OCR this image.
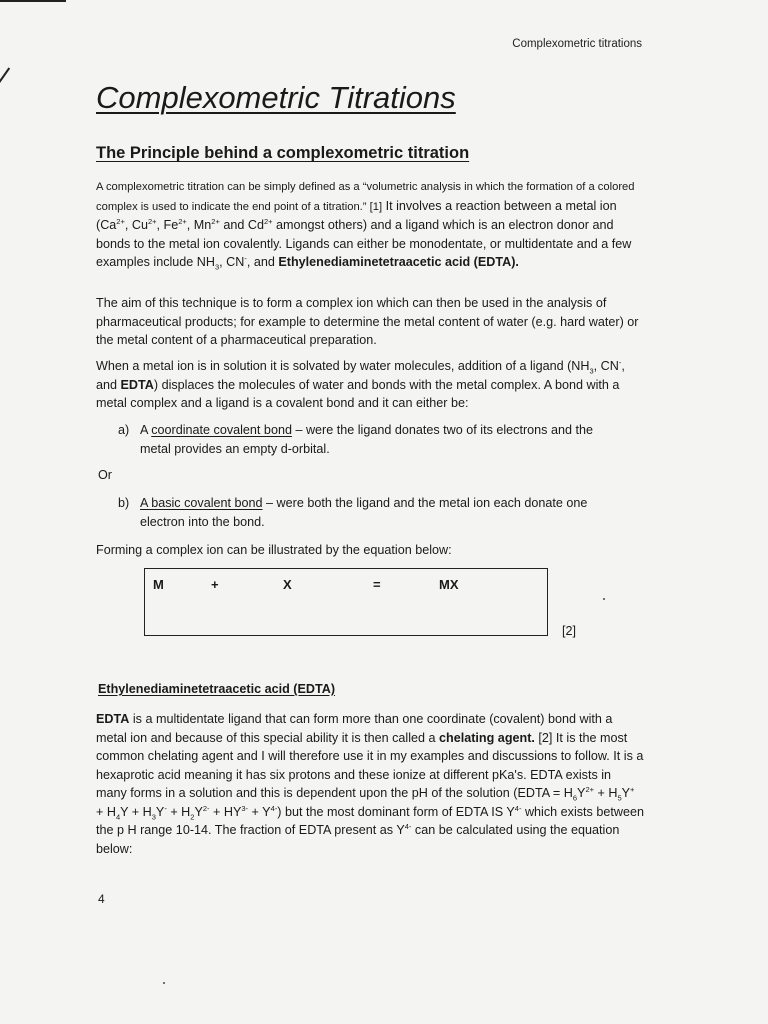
Complexometric titrations
Complexometric Titrations
The Principle behind a complexometric titration

A complexometric titration can be simply defined as a “volumetric analysis in which the formation of a colored complex is used to indicate the end point of a titration.” [1] It involves a reaction between a metal ion ($Ca^{2+}$, $Cu^{2+}$, $Fe^{2+}$, $Mn^{2+}$ and $Cd^{2+}$ amongst others) and a ligand which is an electron donor and bonds to the metal ion covalently. Ligands can either be monodentate, or multidentate and a few examples include $NH_3$, CN-, and Ethylenediaminetetraacetic acid (EDTA).

The aim of this technique is to form a complex ion which can then be used in the analysis of pharmaceutical products; for example to determine the metal content of water (e.g. hard water) or the metal content of a pharmaceutical preparation.

When a metal ion is in solution it is solvated by water molecules, addition of a ligand ($NH_3$, CN-, and EDTA) displaces the molecules of water and bonds with the metal complex. A bond with a metal complex and a ligand is a covalent bond and it can either be:

a) A coordinate covalent bond – were the ligand donates two of its electrons and the
metal provides an empty d-orbital.
Or
b) A basic covalent bond – were both the ligand and the metal ion each donate one
electron into the bond.

Forming a complex ion can be illustrated by the equation below:

M	+	X	=	MX
[2]
Ethylenediaminetetraacetic acid (EDTA)

EDTA is a multidentate ligand that can form more than one coordinate (covalent) bond with a metal ion and because of this special ability it is then called a chelating agent. [2] It is the most common chelating agent and I will therefore use it in my examples and discussions to follow. It is a hexaprotic acid meaning it has six protons and these ionize at different pKa's. EDTA exists in many forms in a solution and this is dependent upon the pH of the solution (EDTA = $H_6Y^{2+} + H_5Y^+ + H_4Y + H_3Y^- + H_2Y^{2-} + HY^{3-} + Y^{4-}$) but the most dominant form of EDTA IS $Y^{4-}$ which exists between the p H range 10-14. The fraction of EDTA present as $Y^{4-}$ can be calculated using the equation below:

4
